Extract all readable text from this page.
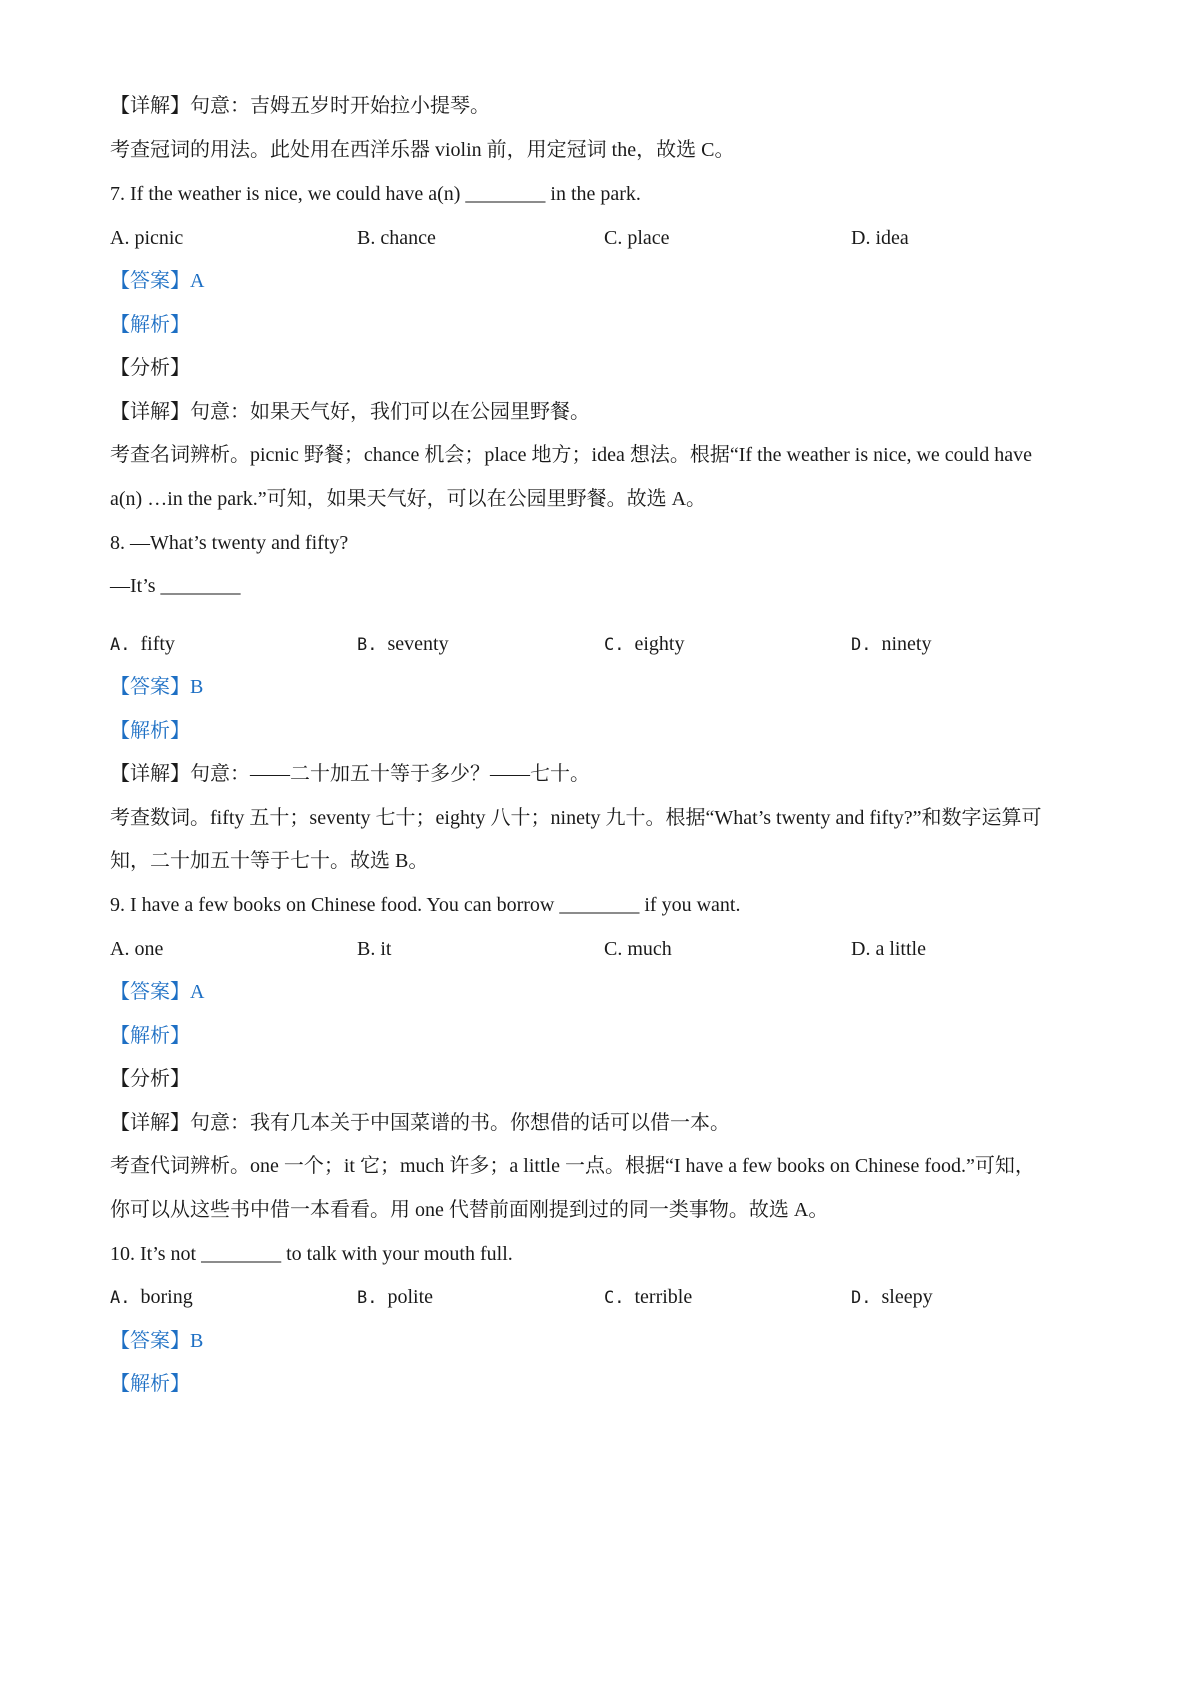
【详解】句意：吉姆五岁时开始拉小提琴。
考查冠词的用法。此处用在西洋乐器 violin 前，用定冠词 the，故选 C。
7. If the weather is nice, we could have a(n) ________ in the park.
A. picnic	B. chance	C. place	D. idea
【答案】A
【解析】
【分析】
【详解】句意：如果天气好，我们可以在公园里野餐。
考查名词辨析。picnic 野餐；chance 机会；place 地方；idea 想法。根据“If the weather is nice, we could have
a(n) …in the park.”可知，如果天气好，可以在公园里野餐。故选 A。
8. —What’s twenty and fifty?
—It’s ________
A. fifty	B. seventy	C. eighty	D. ninety
【答案】B
【解析】
【详解】句意：——二十加五十等于多少？——七十。
考查数词。fifty 五十；seventy 七十；eighty 八十；ninety 九十。根据“What’s twenty and fifty?”和数字运算可
知，二十加五十等于七十。故选 B。
9. I have a few books on Chinese food. You can borrow ________ if you want.
A. one	B. it	C. much	D. a little
【答案】A
【解析】
【分析】
【详解】句意：我有几本关于中国菜谱的书。你想借的话可以借一本。
考查代词辨析。one 一个；it 它；much 许多；a little 一点。根据“I have a few books on Chinese food.”可知，
你可以从这些书中借一本看看。用 one 代替前面刚提到过的同一类事物。故选 A。
10. It’s not ________ to talk with your mouth full.
A. boring	B. polite	C. terrible	D. sleepy
【答案】B
【解析】
